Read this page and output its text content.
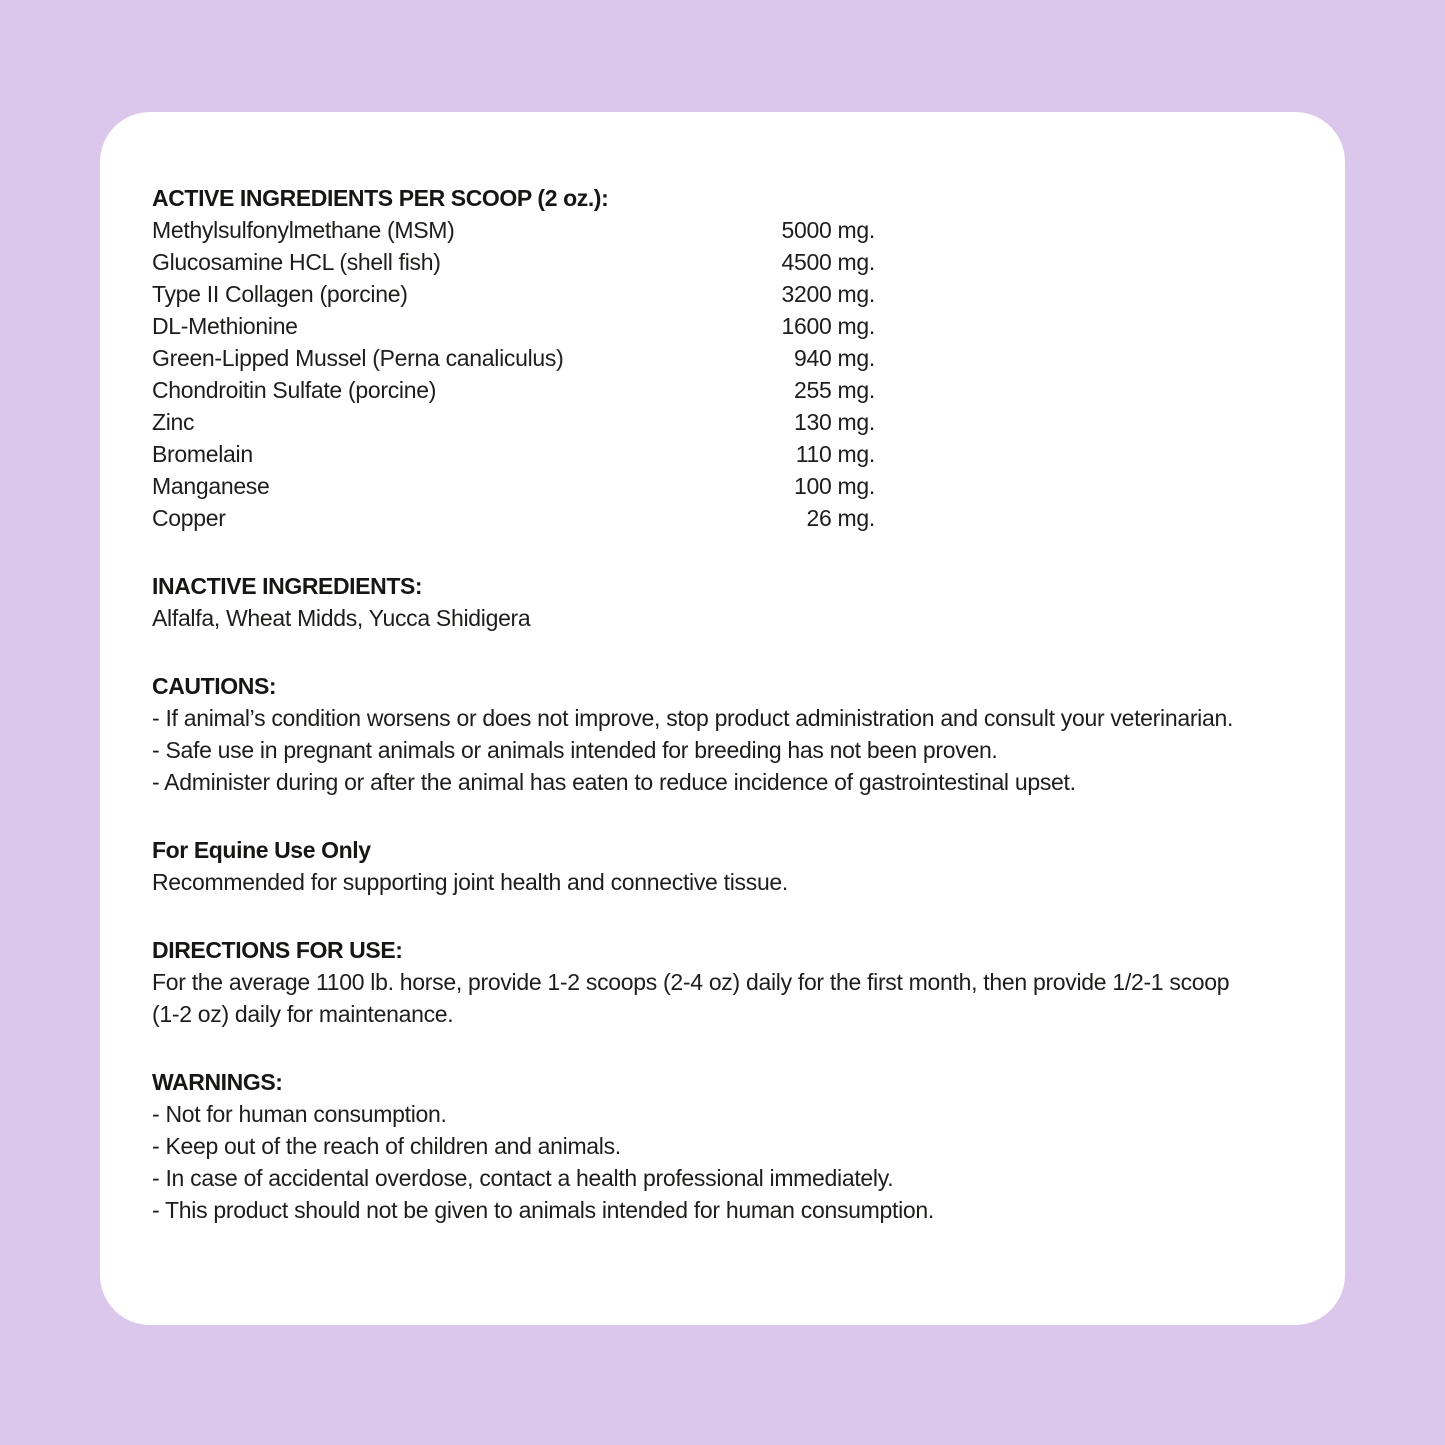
ACTIVE INGREDIENTS PER SCOOP (2 oz.):
Methylsulfonylmethane (MSM)	5000 mg.
Glucosamine HCL (shell fish)	4500 mg.
Type II Collagen (porcine)	3200 mg.
DL-Methionine	1600 mg.
Green-Lipped Mussel (Perna canaliculus)	940 mg.
Chondroitin Sulfate (porcine)	255 mg.
Zinc	130 mg.
Bromelain	110 mg.
Manganese	100 mg.
Copper	26 mg.
INACTIVE INGREDIENTS:
Alfalfa, Wheat Midds, Yucca Shidigera
CAUTIONS:
- If animal’s condition worsens or does not improve, stop product administration and consult your veterinarian.
- Safe use in pregnant animals or animals intended for breeding has not been proven.
- Administer during or after the animal has eaten to reduce incidence of gastrointestinal upset.
For Equine Use Only
Recommended for supporting joint health and connective tissue.
DIRECTIONS FOR USE:
For the average 1100 lb. horse, provide 1-2 scoops (2-4 oz) daily for the first month, then provide 1/2-1 scoop (1-2 oz) daily for maintenance.
WARNINGS:
- Not for human consumption.
- Keep out of the reach of children and animals.
- In case of accidental overdose, contact a health professional immediately.
- This product should not be given to animals intended for human consumption.
